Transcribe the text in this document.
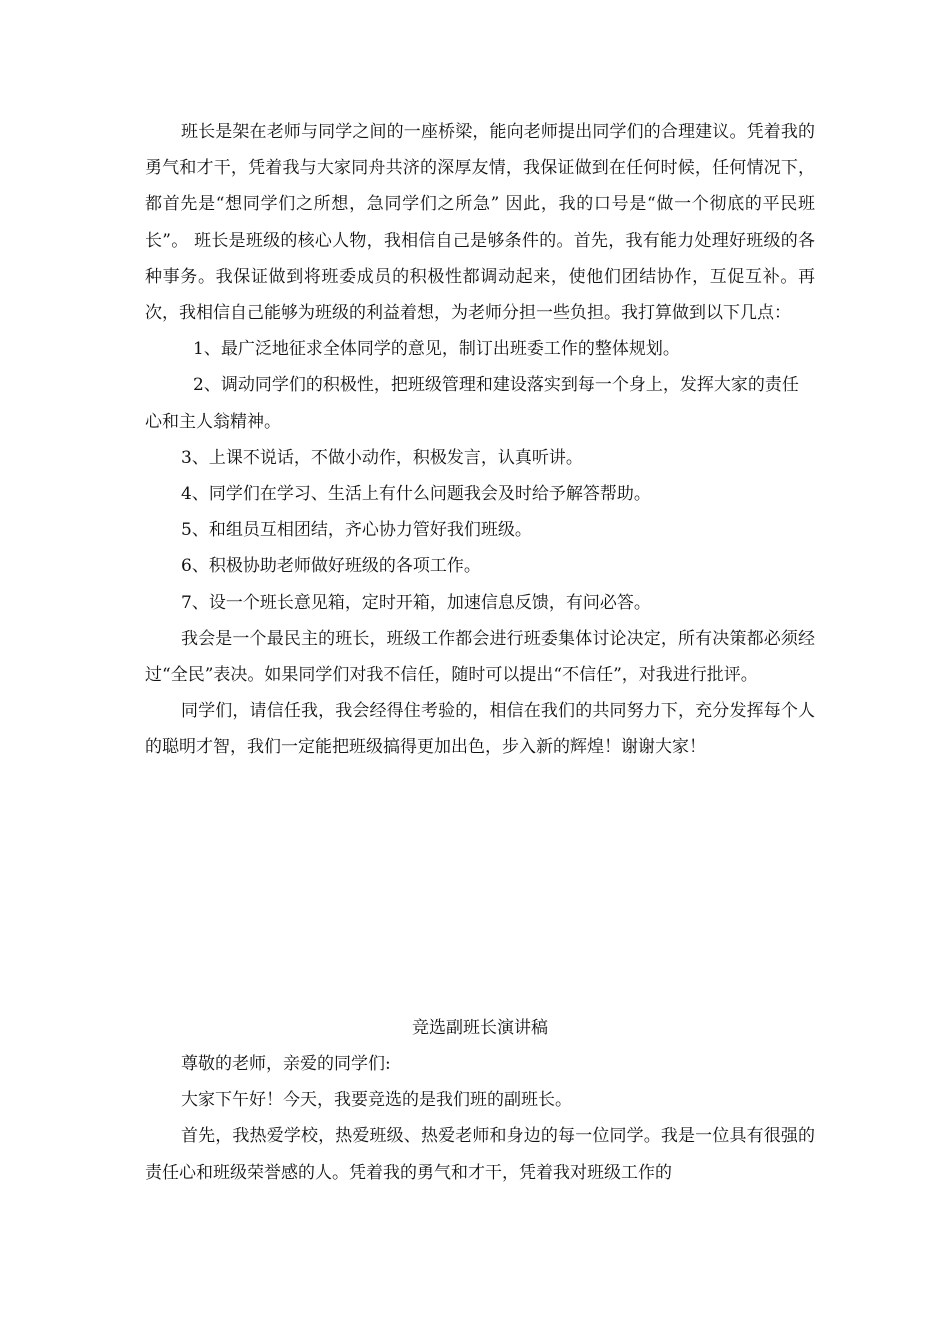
班长是架在老师与同学之间的一座桥梁，能向老师提出同学们的合理建议。凭着我的勇气和才干，凭着我与大家同舟共济的深厚友情，我保证做到在任何时候，任何情况下，都首先是“想同学们之所想，急同学们之所急” 因此，我的口号是“做一个彻底的平民班长”。 班长是班级的核心人物，我相信自己是够条件的。首先，我有能力处理好班级的各种事务。我保证做到将班委成员的积极性都调动起来，使他们团结协作，互促互补。再次，我相信自己能够为班级的利益着想，为老师分担一些负担。我打算做到以下几点：

1、最广泛地征求全体同学的意见，制订出班委工作的整体规划。

2、调动同学们的积极性，把班级管理和建设落实到每一个身上，发挥大家的责任心和主人翁精神。

3、上课不说话，不做小动作，积极发言，认真听讲。

4、同学们在学习、生活上有什么问题我会及时给予解答帮助。

5、和组员互相团结，齐心协力管好我们班级。

6、积极协助老师做好班级的各项工作。

7、设一个班长意见箱，定时开箱，加速信息反馈，有问必答。

我会是一个最民主的班长，班级工作都会进行班委集体讨论决定，所有决策都必须经过“全民”表决。如果同学们对我不信任，随时可以提出“不信任”，对我进行批评。

同学们，请信任我，我会经得住考验的，相信在我们的共同努力下，充分发挥每个人的聪明才智，我们一定能把班级搞得更加出色，步入新的辉煌！谢谢大家！

竞选副班长演讲稿

尊敬的老师，亲爱的同学们:

大家下午好！今天，我要竞选的是我们班的副班长。

首先，我热爱学校，热爱班级、热爱老师和身边的每一位同学。我是一位具有很强的责任心和班级荣誉感的人。凭着我的勇气和才干，凭着我对班级工作的
